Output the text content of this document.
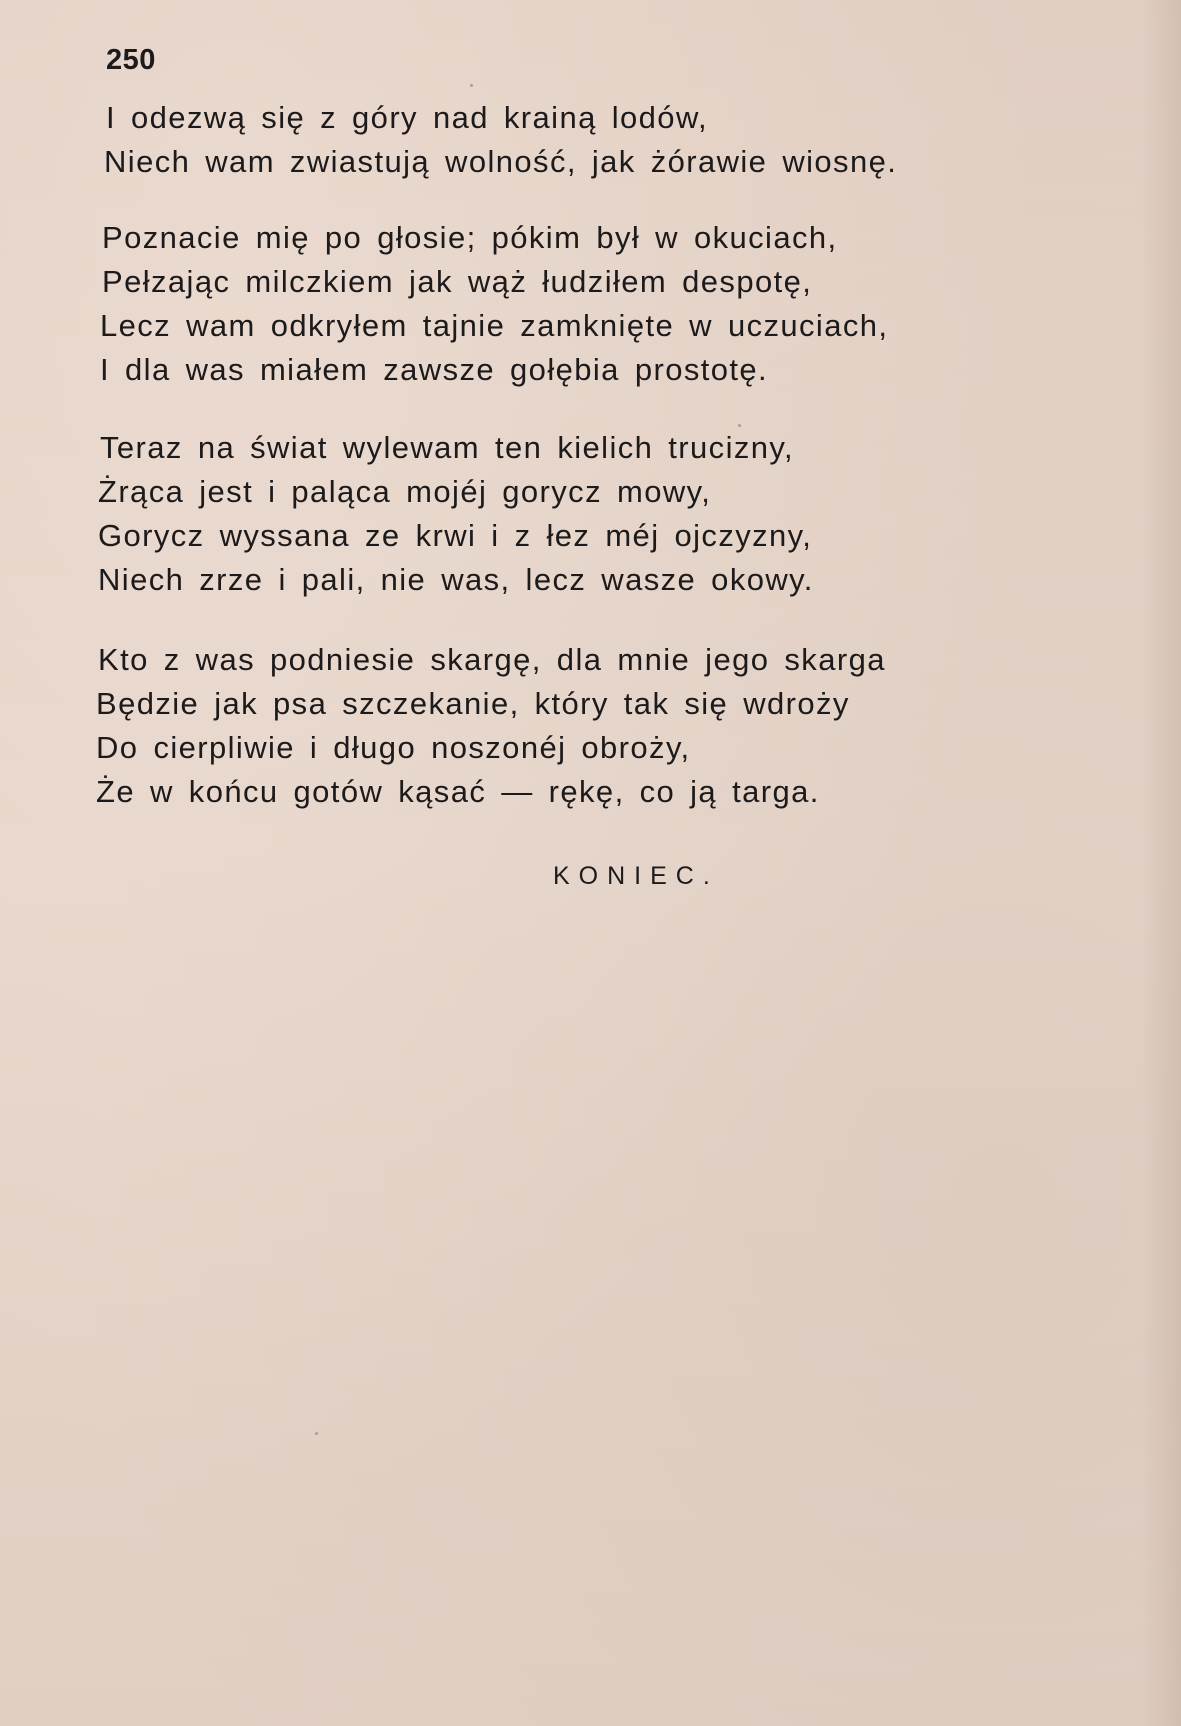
250
I odezwą się z góry nad krainą lodów,
Niech wam zwiastują wolność, jak żórawie wiosnę.
Poznacie mię po głosie; pókim był w okuciach,
Pełzając milczkiem jak wąż łudziłem despotę,
Lecz wam odkryłem tajnie zamknięte w uczuciach,
I dla was miałem zawsze gołębia prostotę.
Teraz na świat wylewam ten kielich trucizny,
Żrąca jest i paląca mojéj gorycz mowy,
Gorycz wyssana ze krwi i z łez méj ojczyzny,
Niech zrze i pali, nie was, lecz wasze okowy.
Kto z was podniesie skargę, dla mnie jego skarga
Będzie jak psa szczekanie, który tak się wdroży
Do cierpliwie i długo noszonéj obroży,
Że w końcu gotów kąsać — rękę, co ją targa.
KONIEC.
